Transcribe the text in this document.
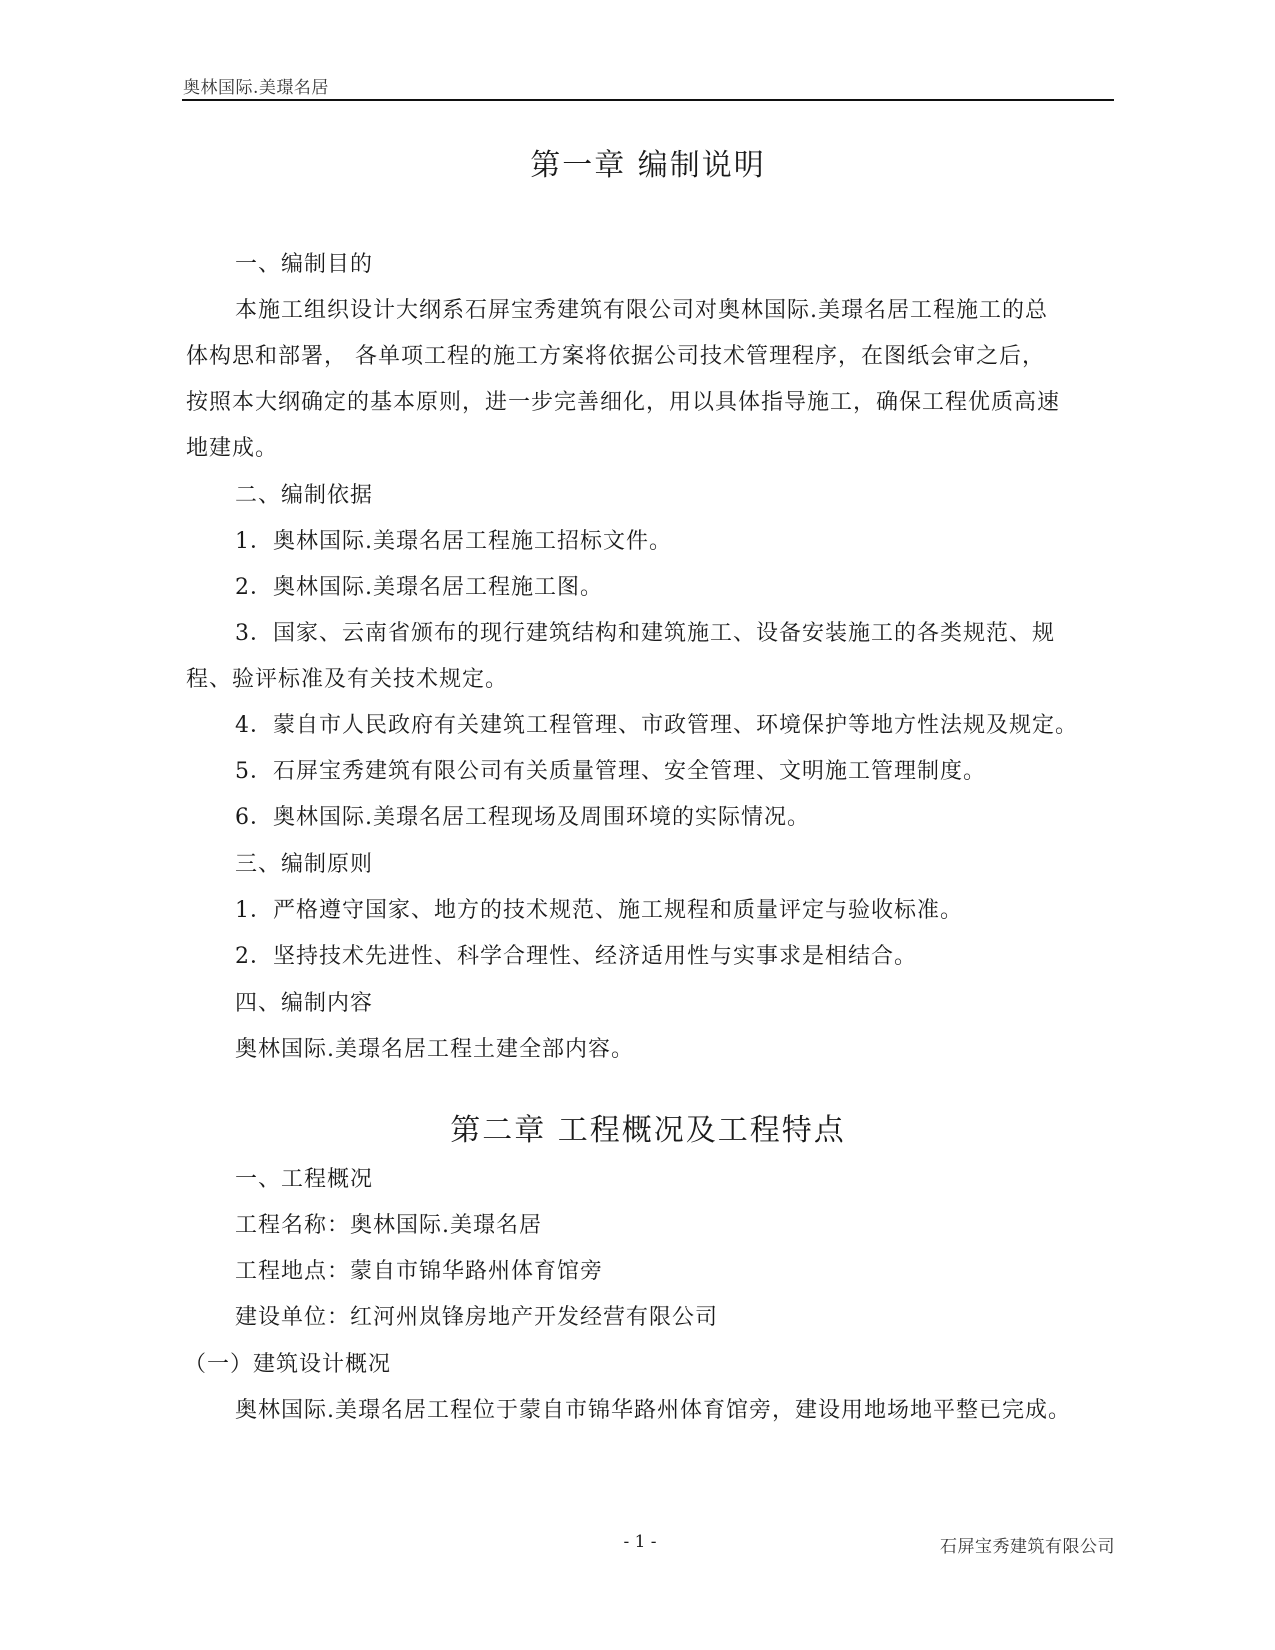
奥林国际.美璟名居
第一章 编制说明
一、编制目的
本施工组织设计大纲系石屏宝秀建筑有限公司对奥林国际.美璟名居工程施工的总
体构思和部署， 各单项工程的施工方案将依据公司技术管理程序，在图纸会审之后，
按照本大纲确定的基本原则，进一步完善细化，用以具体指导施工，确保工程优质高速
地建成。
二、编制依据
1．奥林国际.美璟名居工程施工招标文件。
2．奥林国际.美璟名居工程施工图。
3．国家、云南省颁布的现行建筑结构和建筑施工、设备安装施工的各类规范、规
程、验评标准及有关技术规定。
4．蒙自市人民政府有关建筑工程管理、市政管理、环境保护等地方性法规及规定。
5．石屏宝秀建筑有限公司有关质量管理、安全管理、文明施工管理制度。
6．奥林国际.美璟名居工程现场及周围环境的实际情况。
三、编制原则
1．严格遵守国家、地方的技术规范、施工规程和质量评定与验收标准。
2．坚持技术先进性、科学合理性、经济适用性与实事求是相结合。
四、编制内容
奥林国际.美璟名居工程土建全部内容。
第二章 工程概况及工程特点
一、工程概况
工程名称：奥林国际.美璟名居
工程地点：蒙自市锦华路州体育馆旁
建设单位：红河州岚锋房地产开发经营有限公司
（一）建筑设计概况
奥林国际.美璟名居工程位于蒙自市锦华路州体育馆旁，建设用地场地平整已完成。
- 1 -	石屏宝秀建筑有限公司
